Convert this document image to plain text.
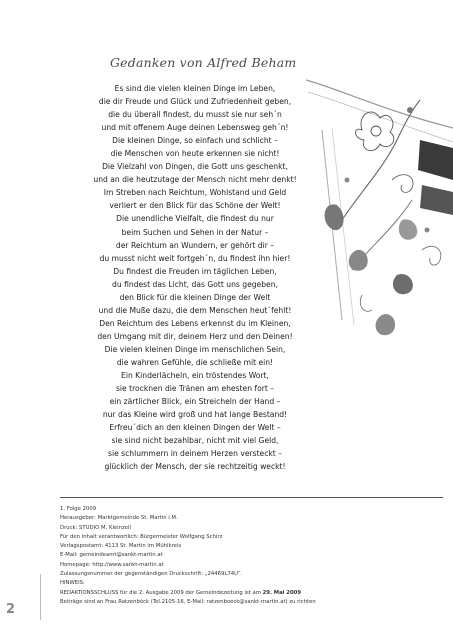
Gedanken von Alfred Beham
Es sind die vielen kleinen Dinge im Leben,
die dir Freude und Glück und Zufriedenheit geben,
die du überall findest, du musst sie nur seh´n
und mit offenem Auge deinen Lebensweg geh´n!
Die kleinen Dinge, so einfach und schlicht –
die Menschen von heute erkennen sie nicht!
Die Vielzahl von Dingen, die Gott uns geschenkt,
und an die heutzutage der Mensch nicht mehr denkt!
Im Streben nach Reichtum, Wohlstand und Geld
verliert er den Blick für das Schöne der Welt!
Die unendliche Vielfalt, die findest du nur
beim Suchen und Sehen in der Natur –
der Reichtum an Wundern, er gehört dir –
du musst nicht weit fortgeh´n, du findest ihn hier!
Du findest die Freuden im täglichen Leben,
du findest das Licht, das Gott uns gegeben,
den Blick für die kleinen Dinge der Welt
und die Muße dazu, die dem Menschen heut´fehlt!
Den Reichtum des Lebens erkennst du im Kleinen,
den Umgang mit dir, deinem Herz und den Deinen!
Die vielen kleinen Dinge im menschlichen Sein,
die wahren Gefühle, die schließe mit ein!
Ein Kinderlächeln, ein tröstendes Wort,
sie trocknen die Tränen am ehesten fort –
ein zärtlicher Blick, ein Streicheln der Hand –
nur das Kleine wird groß und hat lange Bestand!
Erfreu´dich an den kleinen Dingen der Welt –
sie sind nicht bezahlbar, nicht mit viel Geld,
sie schlummern in deinem Herzen versteckt –
glücklich der Mensch, der sie rechtzeitig weckt!
1. Folge 2009
Herausgeber: Marktgemeinde St. Martin i.M.
Druck: STUDIO M, Kleinzell
Für den Inhalt verantwortlich: Bürgermeister Wolfgang Schirz
Verlagspostamt: 4113 St. Martin im Mühlkreis
E-Mail: gemeindeamt@sankt-martin.at
Homepage: http://www.sankt-martin.at
Zulassungsnummer der gegenständigen Druckschrift: „24469L74U“.
HINWEIS:
REDAKTIONSSCHLUSS für die 2. Ausgabe 2009 der Gemeindezeitung ist am 29. Mai 2009
Beiträge sind an Frau Ratzenböck (Tel.2105-16, E-Mail: ratzenboeck@sankt-martin.at) zu richten
2
